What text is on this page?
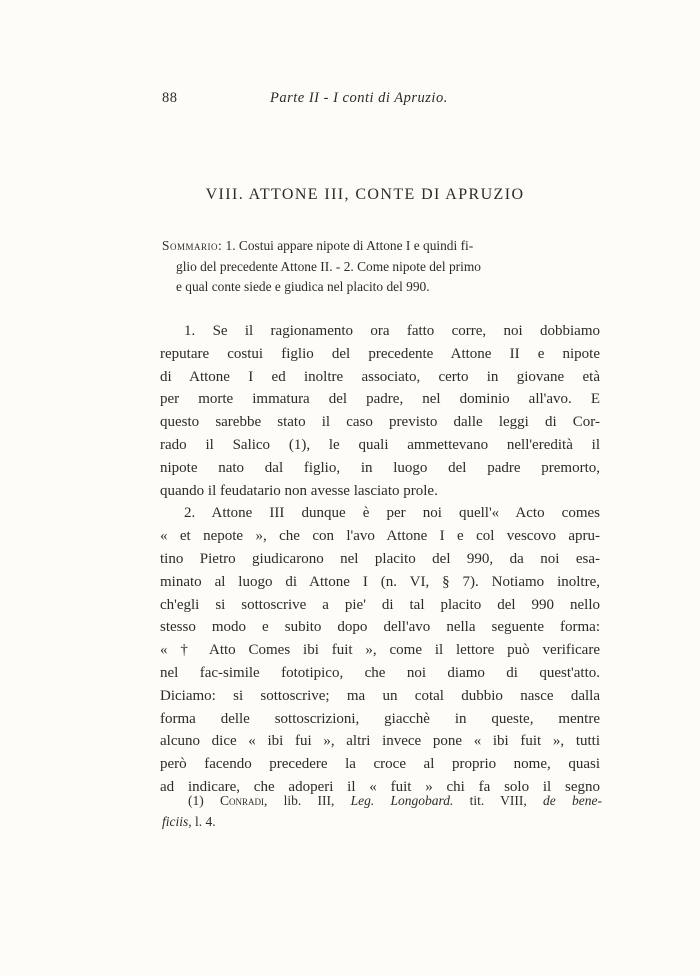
88	Parte II - I conti di Apruzio.
VIII. ATTONE III, CONTE DI APRUZIO
Sommario: 1. Costui appare nipote di Attone I e quindi fi-
glio del precedente Attone II. - 2. Come nipote del primo
e qual conte siede e giudica nel placito del 990.
1. Se il ragionamento ora fatto corre, noi dobbiamo
reputare costui figlio del precedente Attone II e nipote
di Attone I ed inoltre associato, certo in giovane età
per morte immatura del padre, nel dominio all'avo. E
questo sarebbe stato il caso previsto dalle leggi di Cor-
rado il Salico (1), le quali ammettevano nell'eredità il
nipote nato dal figlio, in luogo del padre premorto,
quando il feudatario non avesse lasciato prole.
2. Attone III dunque è per noi quell'« Acto comes
« et nepote », che con l'avo Attone I e col vescovo apru-
tino Pietro giudicarono nel placito del 990, da noi esa-
minato al luogo di Attone I (n. VI, § 7). Notiamo inoltre,
ch'egli si sottoscrive a pie' di tal placito del 990 nello
stesso modo e subito dopo dell'avo nella seguente forma:
« † Atto Comes ibi fuit », come il lettore può verificare
nel fac-simile fototipico, che noi diamo di quest'atto.
Diciamo: si sottoscrive; ma un cotal dubbio nasce dalla
forma delle sottoscrizioni, giacchè in queste, mentre
alcuno dice « ibi fui », altri invece pone « ibi fuit », tutti
però facendo precedere la croce al proprio nome, quasi
ad indicare, che adoperi il « fuit » chi fa solo il segno
(1) Conradi, lib. III, Leg. Longobard. tit. VIII, de bene-
ficiis, l. 4.
